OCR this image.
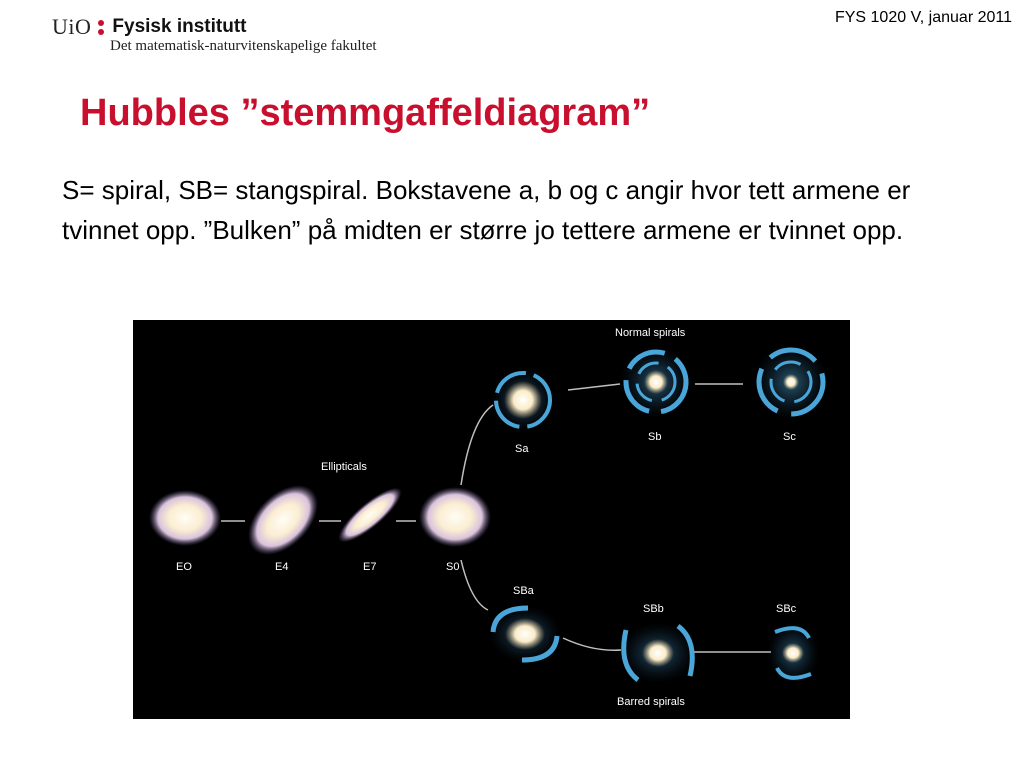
UiO Fysisk institutt
Det matematisk-naturvitenskapelige fakultet
FYS 1020 V, januar 2011
Hubbles ”stemmgaffeldiagram”
S= spiral, SB= stangspiral. Bokstavene a, b og c angir hvor tett armene er tvinnet opp. ”Bulken” på midten er større jo tettere armene er tvinnet opp.
Ellipticals
Normal spirals
Barred spirals
EO	E4	E7	S0
Sa
Sb	Sc
SBa
SBb	SBc
